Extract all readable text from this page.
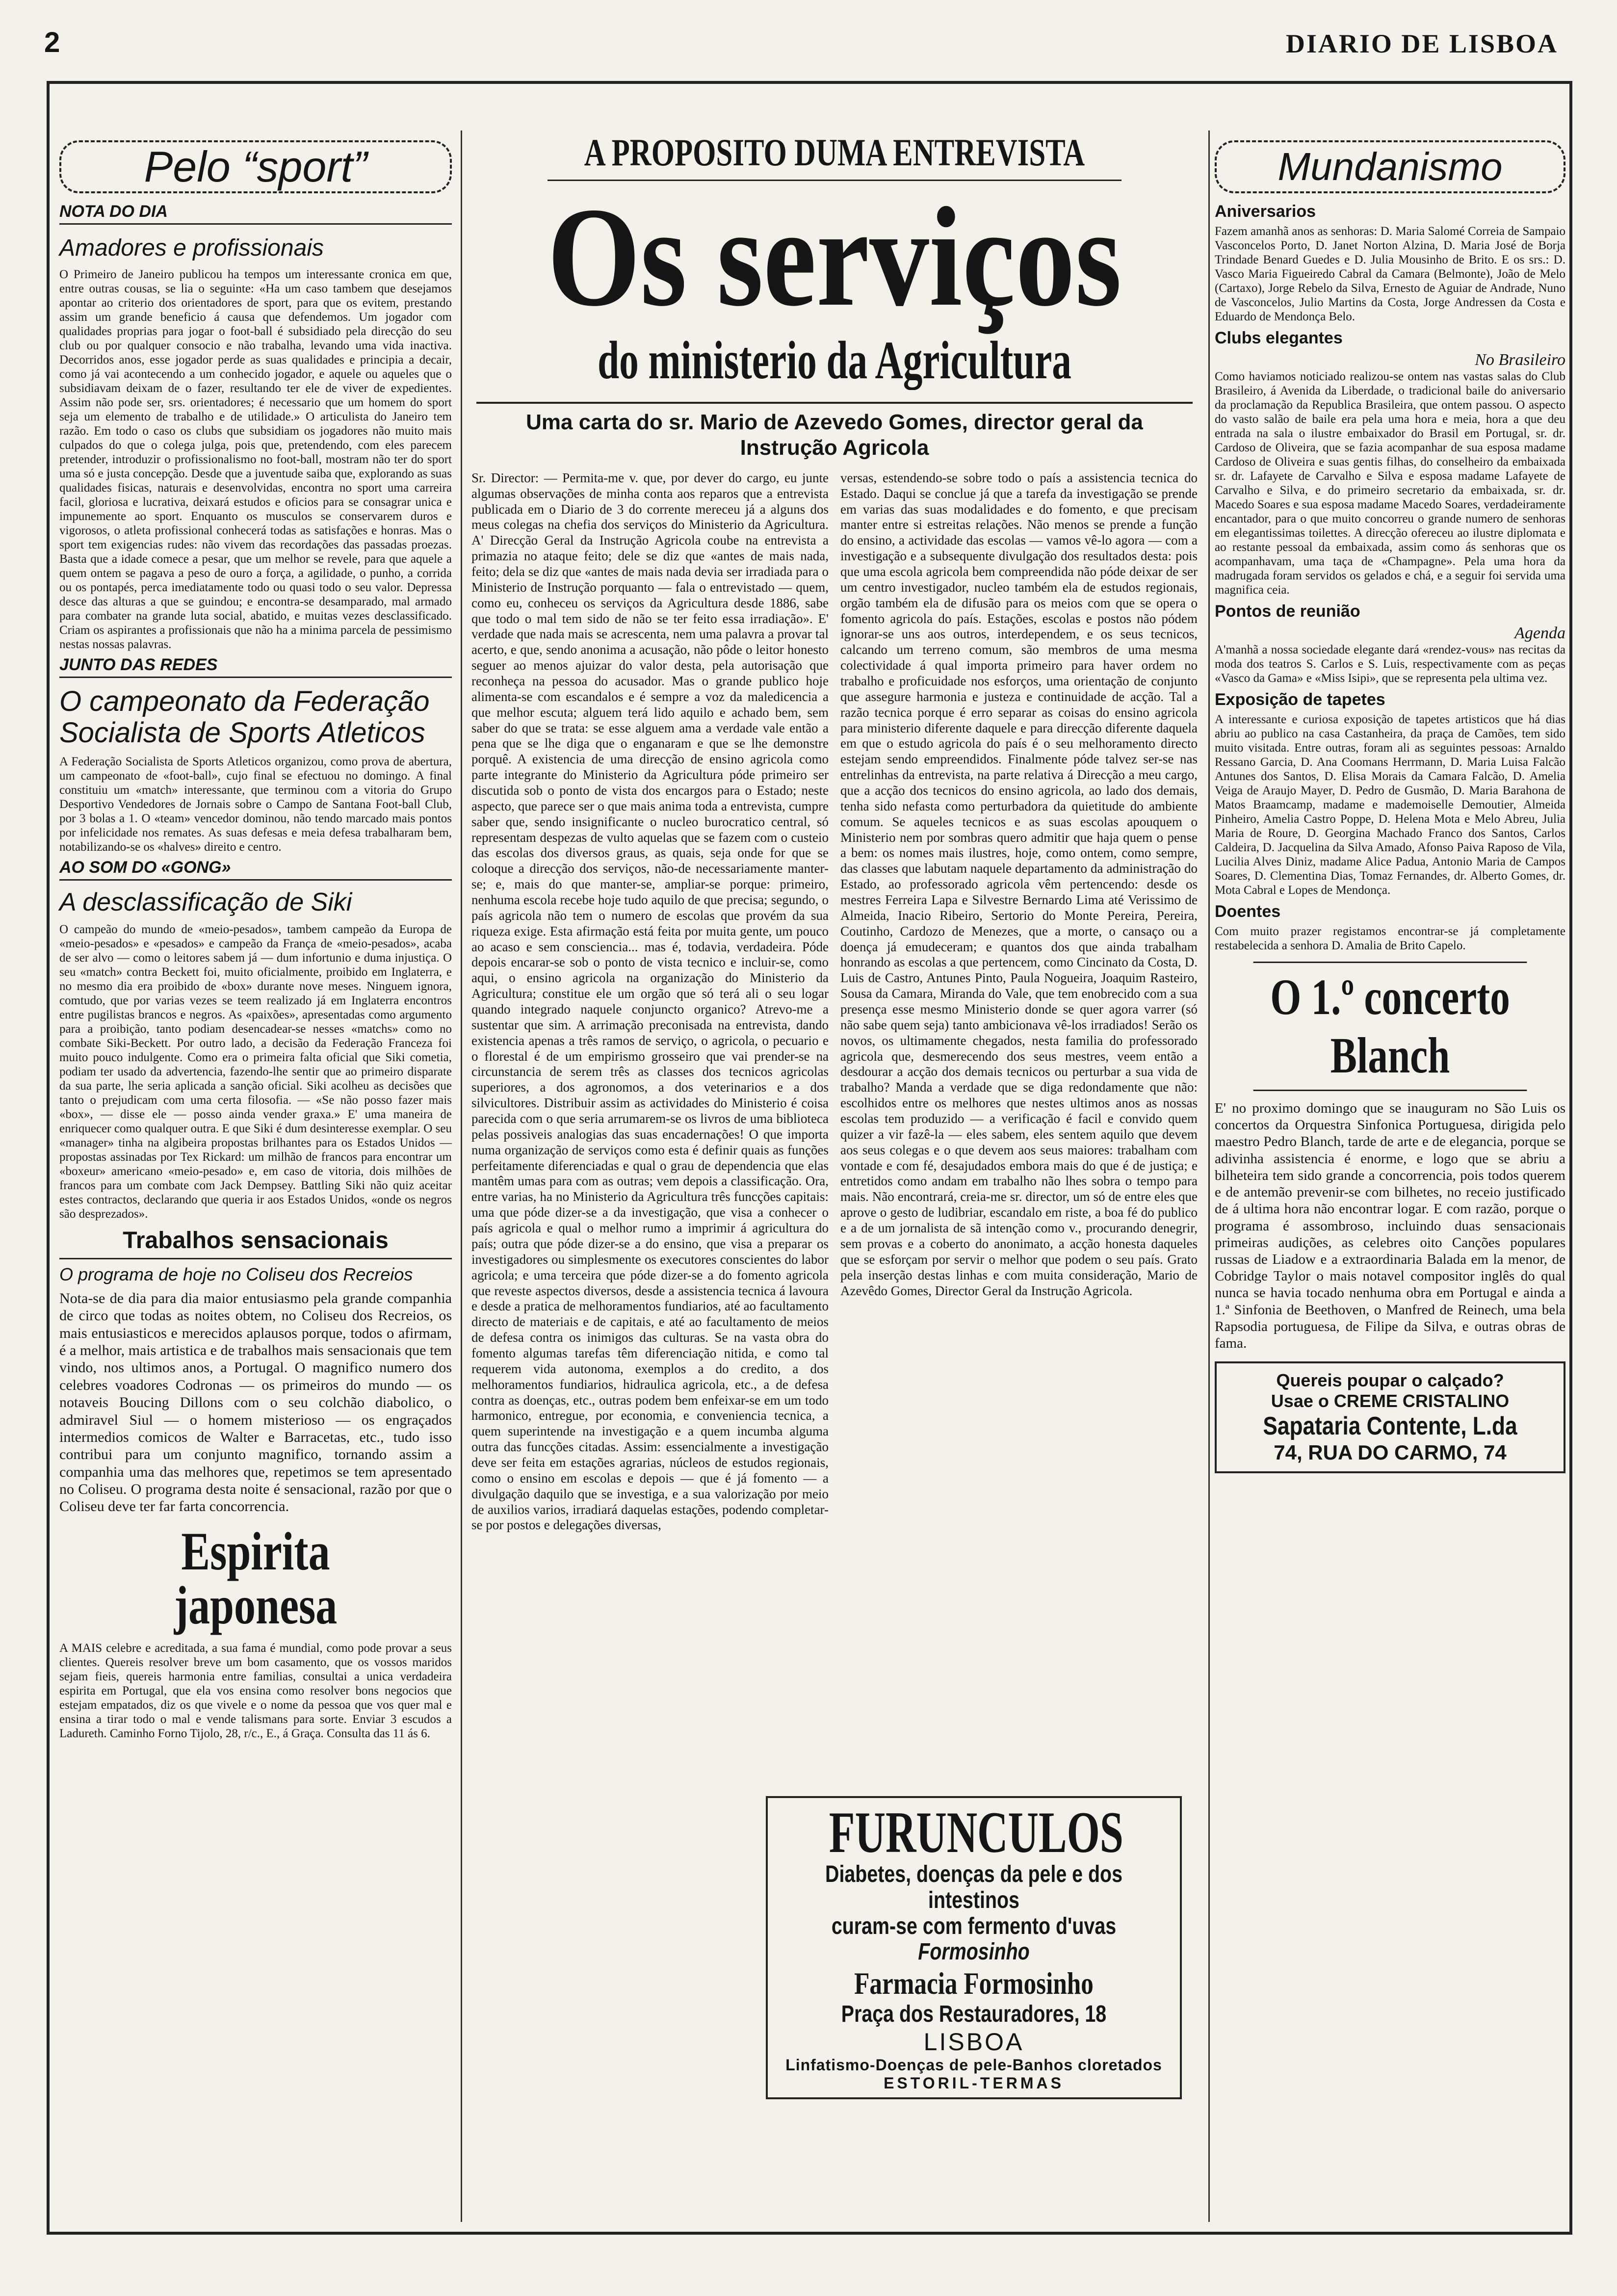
2	DIARIO DE LISBOA
Pelo “sport”
NOTA DO DIA
Amadores e profissionais

O Primeiro de Janeiro publicou ha tempos um interessante cronica em que, entre outras cousas, se lia o seguinte: «Ha um caso tambem que desejamos apontar ao criterio dos orientadores de sport, para que os evitem, prestando assim um grande beneficio á causa que defendemos. Um jogador com qualidades proprias para jogar o foot-ball é subsidiado pela direcção do seu club ou por qualquer consocio e não trabalha, levando uma vida inactiva. Decorridos anos, esse jogador perde as suas qualidades e principia a decair, como já vai acontecendo a um conhecido jogador, e aquele ou aqueles que o subsidiavam deixam de o fazer, resultando ter ele de viver de expedientes. Assim não pode ser, srs. orientadores; é necessario que um homem do sport seja um elemento de trabalho e de utilidade.» O articulista do Janeiro tem razão. Em todo o caso os clubs que subsidiam os jogadores não muito mais culpados do que o colega julga, pois que, pretendendo, com eles parecem pretender, introduzir o profissionalismo no foot-ball, mostram não ter do sport uma só e justa concepção. Desde que a juventude saiba que, explorando as suas qualidades fisicas, naturais e desenvolvidas, encontra no sport uma carreira facil, gloriosa e lucrativa, deixará estudos e oficios para se consagrar unica e impunemente ao sport. Enquanto os musculos se conservarem duros e vigorosos, o atleta profissional conhecerá todas as satisfações e honras. Mas o sport tem exigencias rudes: não vivem das recordações das passadas proezas. Basta que a idade comece a pesar, que um melhor se revele, para que aquele a quem ontem se pagava a peso de ouro a força, a agilidade, o punho, a corrida ou os pontapés, perca imediatamente todo ou quasi todo o seu valor. Depressa desce das alturas a que se guindou; e encontra-se desamparado, mal armado para combater na grande luta social, abatido, e muitas vezes desclassificado. Criam os aspirantes a profissionais que não ha a minima parcela de pessimismo nestas nossas palavras.

JUNTO DAS REDES
O campeonato da Federação Socialista de Sports Atleticos

A Federação Socialista de Sports Atleticos organizou, como prova de abertura, um campeonato de «foot-ball», cujo final se efectuou no domingo. A final constituiu um «match» interessante, que terminou com a vitoria do Grupo Desportivo Vendedores de Jornais sobre o Campo de Santana Foot-ball Club, por 3 bolas a 1. O «team» vencedor dominou, não tendo marcado mais pontos por infelicidade nos remates. As suas defesas e meia defesa trabalharam bem, notabilizando-se os «halves» direito e centro.

AO SOM DO «GONG»
A desclassificação de Siki

O campeão do mundo de «meio-pesados», tambem campeão da Europa de «meio-pesados» e «pesados» e campeão da França de «meio-pesados», acaba de ser alvo — como o leitores sabem já — dum infortunio e duma injustiça. O seu «match» contra Beckett foi, muito oficialmente, proibido em Inglaterra, e no mesmo dia era proibido de «box» durante nove meses. Ninguem ignora, comtudo, que por varias vezes se teem realizado já em Inglaterra encontros entre pugilistas brancos e negros. As «paixões», apresentadas como argumento para a proibição, tanto podiam desencadear-se nesses «matchs» como no combate Siki-Beckett. Por outro lado, a decisão da Federação Franceza foi muito pouco indulgente. Como era o primeira falta oficial que Siki cometia, podiam ter usado da advertencia, fazendo-lhe sentir que ao primeiro disparate da sua parte, lhe seria aplicada a sanção oficial. Siki acolheu as decisões que tanto o prejudicam com uma certa filosofia. — «Se não posso fazer mais «box», — disse ele — posso ainda vender graxa.» E' uma maneira de enriquecer como qualquer outra. E que Siki é dum desinteresse exemplar. O seu «manager» tinha na algibeira propostas brilhantes para os Estados Unidos — propostas assinadas por Tex Rickard: um milhão de francos para encontrar um «boxeur» americano «meio-pesado» e, em caso de vitoria, dois milhões de francos para um combate com Jack Dempsey. Battling Siki não quiz aceitar estes contractos, declarando que queria ir aos Estados Unidos, «onde os negros são desprezados».

Trabalhos sensacionais
O programa de hoje no Coliseu dos Recreios

Nota-se de dia para dia maior entusiasmo pela grande companhia de circo que todas as noites obtem, no Coliseu dos Recreios, os mais entusiasticos e merecidos aplausos porque, todos o afirmam, é a melhor, mais artistica e de trabalhos mais sensacionais que tem vindo, nos ultimos anos, a Portugal. O magnifico numero dos celebres voadores Codronas — os primeiros do mundo — os notaveis Boucing Dillons com o seu colchão diabolico, o admiravel Siul — o homem misterioso — os engraçados intermedios comicos de Walter e Barracetas, etc., tudo isso contribui para um conjunto magnifico, tornando assim a companhia uma das melhores que, repetimos se tem apresentado no Coliseu. O programa desta noite é sensacional, razão por que o Coliseu deve ter far farta concorrencia.

Espirita japonesa

A MAIS celebre e acreditada, a sua fama é mundial, como pode provar a seus clientes. Quereis resolver breve um bom casamento, que os vossos maridos sejam fieis, quereis harmonia entre familias, consultai a unica verdadeira espirita em Portugal, que ela vos ensina como resolver bons negocios que estejam empatados, diz os que vivele e o nome da pessoa que vos quer mal e ensina a tirar todo o mal e vende talismans para sorte. Enviar 3 escudos a Ladureth. Caminho Forno Tijolo, 28, r/c., E., á Graça. Consulta das 11 ás 6.

A PROPOSITO DUMA ENTREVISTA
Os serviços
do ministerio da Agricultura
Uma carta do sr. Mario de Azevedo Gomes, director geral da Instrução Agricola

Sr. Director: — Permita-me v. que, por dever do cargo, eu junte algumas observações de minha conta aos reparos que a entrevista publicada em o Diario de 3 do corrente mereceu já a alguns dos meus colegas na chefia dos serviços do Ministerio da Agricultura. A' Direcção Geral da Instrução Agricola coube na entrevista a primazia no ataque feito; dele se diz que «antes de mais nada, feito; dela se diz que «antes de mais nada devia ser irradiada para o Ministerio de Instrução porquanto — fala o entrevistado — quem, como eu, conheceu os serviços da Agricultura desde 1886, sabe que todo o mal tem sido de não se ter feito essa irradiação». E' verdade que nada mais se acrescenta, nem uma palavra a provar tal acerto, e que, sendo anonima a acusação, não pôde o leitor honesto seguer ao menos ajuizar do valor desta, pela autorisação que reconheça na pessoa do acusador. Mas o grande publico hoje alimenta-se com escandalos e é sempre a voz da maledicencia a que melhor escuta; alguem terá lido aquilo e achado bem, sem saber do que se trata: se esse alguem ama a verdade vale então a pena que se lhe diga que o enganaram e que se lhe demonstre porquê. A existencia de uma direcção de ensino agricola como parte integrante do Ministerio da Agricultura póde primeiro ser discutida sob o ponto de vista dos encargos para o Estado; neste aspecto, que parece ser o que mais anima toda a entrevista, cumpre saber que, sendo insignificante o nucleo burocratico central, só representam despezas de vulto aquelas que se fazem com o custeio das escolas dos diversos graus, as quais, seja onde for que se coloque a direcção dos serviços, não-de necessariamente manter-se; e, mais do que manter-se, ampliar-se porque: primeiro, nenhuma escola recebe hoje tudo aquilo de que precisa; segundo, o país agricola não tem o numero de escolas que provém da sua riqueza exige. Esta afirmação está feita por muita gente, um pouco ao acaso e sem consciencia... mas é, todavia, verdadeira. Póde depois encarar-se sob o ponto de vista tecnico e incluir-se, como aqui, o ensino agricola na organização do Ministerio da Agricultura; constitue ele um orgão que só terá ali o seu logar quando integrado naquele conjuncto organico? Atrevo-me a sustentar que sim. A arrimação preconisada na entrevista, dando existencia apenas a três ramos de serviço, o agricola, o pecuario e o florestal é de um empirismo grosseiro que vai prender-se na circunstancia de serem três as classes dos tecnicos agricolas superiores, a dos agronomos, a dos veterinarios e a dos silvicultores. Distribuir assim as actividades do Ministerio é coisa parecida com o que seria arrumarem-se os livros de uma biblioteca pelas possiveis analogias das suas encadernações! O que importa numa organização de serviços como esta é definir quais as funções perfeitamente diferenciadas e qual o grau de dependencia que elas mantêm umas para com as outras; vem depois a classificação. Ora, entre varias, ha no Ministerio da Agricultura três funcções capitais: uma que póde dizer-se a da investigação, que visa a conhecer o país agricola e qual o melhor rumo a imprimir á agricultura do país; outra que póde dizer-se a do ensino, que visa a preparar os investigadores ou simplesmente os executores conscientes do labor agricola; e uma terceira que póde dizer-se a do fomento agricola que reveste aspectos diversos, desde a assistencia tecnica á lavoura e desde a pratica de melhoramentos fundiarios, até ao facultamento directo de materiais e de capitais, e até ao facultamento de meios de defesa contra os inimigos das culturas. Se na vasta obra do fomento algumas tarefas têm diferenciação nitida, e como tal requerem vida autonoma, exemplos a do credito, a dos melhoramentos fundiarios, hidraulica agricola, etc., a de defesa contra as doenças, etc., outras podem bem enfeixar-se em um todo harmonico, entregue, por economia, e conveniencia tecnica, a quem superintende na investigação e a quem incumba alguma outra das funcções citadas. Assim: essencialmente a investigação deve ser feita em estações agrarias, núcleos de estudos regionais, como o ensino em escolas e depois — que é já fomento — a divulgação daquilo que se investiga, e a sua valorização por meio de auxilios varios, irradiará daquelas estações, podendo completar-se por postos e delegações diversas,

versas, estendendo-se sobre todo o país a assistencia tecnica do Estado. Daqui se conclue já que a tarefa da investigação se prende em varias das suas modalidades e do fomento, e que precisam manter entre si estreitas relações. Não menos se prende a função do ensino, a actividade das escolas — vamos vê-lo agora — com a investigação e a subsequente divulgação dos resultados desta: pois que uma escola agricola bem compreendida não póde deixar de ser um centro investigador, nucleo também ela de estudos regionais, orgão também ela de difusão para os meios com que se opera o fomento agricola do país. Estações, escolas e postos não pódem ignorar-se uns aos outros, interdependem, e os seus tecnicos, calcando um terreno comum, são membros de uma mesma colectividade á qual importa primeiro para haver ordem no trabalho e proficuidade nos esforços, uma orientação de conjunto que assegure harmonia e justeza e continuidade de acção. Tal a razão tecnica porque é erro separar as coisas do ensino agricola para ministerio diferente daquele e para direcção diferente daquela em que o estudo agricola do país é o seu melhoramento directo estejam sendo empreendidos. Finalmente póde talvez ser-se nas entrelinhas da entrevista, na parte relativa á Direcção a meu cargo, que a acção dos tecnicos do ensino agricola, ao lado dos demais, tenha sido nefasta como perturbadora da quietitude do ambiente comum. Se aqueles tecnicos e as suas escolas apouquem o Ministerio nem por sombras quero admitir que haja quem o pense a bem: os nomes mais ilustres, hoje, como ontem, como sempre, das classes que labutam naquele departamento da administração do Estado, ao professorado agricola vêm pertencendo: desde os mestres Ferreira Lapa e Silvestre Bernardo Lima até Verissimo de Almeida, Inacio Ribeiro, Sertorio do Monte Pereira, Pereira, Coutinho, Cardozo de Menezes, que a morte, o cansaço ou a doença já emudeceram; e quantos dos que ainda trabalham honrando as escolas a que pertencem, como Cincinato da Costa, D. Luis de Castro, Antunes Pinto, Paula Nogueira, Joaquim Rasteiro, Sousa da Camara, Miranda do Vale, que tem enobrecido com a sua presença esse mesmo Ministerio donde se quer agora varrer (só não sabe quem seja) tanto ambicionava vê-los irradiados! Serão os novos, os ultimamente chegados, nesta familia do professorado agricola que, desmerecendo dos seus mestres, veem então a desdourar a acção dos demais tecnicos ou perturbar a sua vida de trabalho? Manda a verdade que se diga redondamente que não: escolhidos entre os melhores que nestes ultimos anos as nossas escolas tem produzido — a verificação é facil e convido quem quizer a vir fazê-la — eles sabem, eles sentem aquilo que devem aos seus colegas e o que devem aos seus maiores: trabalham com vontade e com fé, desajudados embora mais do que é de justiça; e entretidos como andam em trabalho não lhes sobra o tempo para mais. Não encontrará, creia-me sr. director, um só de entre eles que aprove o gesto de ludibriar, escandalo em riste, a boa fé do publico e a de um jornalista de sã intenção como v., procurando denegrir, sem provas e a coberto do anonimato, a acção honesta daqueles que se esforçam por servir o melhor que podem o seu país. Grato pela inserção destas linhas e com muita consideração, Mario de Azevêdo Gomes, Director Geral da Instrução Agricola.

FURUNCULOS
Diabetes, doenças da pele e dos intestinos
curam-se com fermento d'uvas
Formosinho
Farmacia Formosinho
Praça dos Restauradores, 18
LISBOA
Linfatismo-Doenças de pele-Banhos cloretados
ESTORIL-TERMAS
Mundanismo
Aniversarios

Fazem amanhã anos as senhoras: D. Maria Salomé Correia de Sampaio Vasconcelos Porto, D. Janet Norton Alzina, D. Maria José de Borja Trindade Benard Guedes e D. Julia Mousinho de Brito. E os srs.: D. Vasco Maria Figueiredo Cabral da Camara (Belmonte), João de Melo (Cartaxo), Jorge Rebelo da Silva, Ernesto de Aguiar de Andrade, Nuno de Vasconcelos, Julio Martins da Costa, Jorge Andressen da Costa e Eduardo de Mendonça Belo.

Clubs elegantes
No Brasileiro

Como haviamos noticiado realizou-se ontem nas vastas salas do Club Brasileiro, á Avenida da Liberdade, o tradicional baile do aniversario da proclamação da Republica Brasileira, que ontem passou. O aspecto do vasto salão de baile era pela uma hora e meia, hora a que deu entrada na sala o ilustre embaixador do Brasil em Portugal, sr. dr. Cardoso de Oliveira, que se fazia acompanhar de sua esposa madame Cardoso de Oliveira e suas gentis filhas, do conselheiro da embaixada sr. dr. Lafayete de Carvalho e Silva e esposa madame Lafayete de Carvalho e Silva, e do primeiro secretario da embaixada, sr. dr. Macedo Soares e sua esposa madame Macedo Soares, verdadeiramente encantador, para o que muito concorreu o grande numero de senhoras em elegantissimas toilettes. A direcção ofereceu ao ilustre diplomata e ao restante pessoal da embaixada, assim como ás senhoras que os acompanhavam, uma taça de «Champagne». Pela uma hora da madrugada foram servidos os gelados e chá, e a seguir foi servida uma magnifica ceia.

Pontos de reunião
Agenda

A'manhã a nossa sociedade elegante dará «rendez-vous» nas recitas da moda dos teatros S. Carlos e S. Luis, respectivamente com as peças «Vasco da Gama» e «Miss Isipi», que se representa pela ultima vez.

Exposição de tapetes

A interessante e curiosa exposição de tapetes artisticos que há dias abriu ao publico na casa Castanheira, da praça de Camões, tem sido muito visitada. Entre outras, foram ali as seguintes pessoas: Arnaldo Ressano Garcia, D. Ana Coomans Herrmann, D. Maria Luisa Falcão Antunes dos Santos, D. Elisa Morais da Camara Falcão, D. Amelia Veiga de Araujo Mayer, D. Pedro de Gusmão, D. Maria Barahona de Matos Braamcamp, madame e mademoiselle Demoutier, Almeida Pinheiro, Amelia Castro Poppe, D. Helena Mota e Melo Abreu, Julia Maria de Roure, D. Georgina Machado Franco dos Santos, Carlos Caldeira, D. Jacquelina da Silva Amado, Afonso Paiva Raposo de Vila, Lucilia Alves Diniz, madame Alice Padua, Antonio Maria de Campos Soares, D. Clementina Dias, Tomaz Fernandes, dr. Alberto Gomes, dr. Mota Cabral e Lopes de Mendonça.

Doentes

Com muito prazer registamos encontrar-se já completamente restabelecida a senhora D. Amalia de Brito Capelo.

O 1.º concerto Blanch

E' no proximo domingo que se inauguram no São Luis os concertos da Orquestra Sinfonica Portuguesa, dirigida pelo maestro Pedro Blanch, tarde de arte e de elegancia, porque se adivinha assistencia é enorme, e logo que se abriu a bilheteira tem sido grande a concorrencia, pois todos querem e de antemão prevenir-se com bilhetes, no receio justificado de á ultima hora não encontrar logar. E com razão, porque o programa é assombroso, incluindo duas sensacionais primeiras audições, as celebres oito Canções populares russas de Liadow e a extraordinaria Balada em la menor, de Cobridge Taylor o mais notavel compositor inglês do qual nunca se havia tocado nenhuma obra em Portugal e ainda a 1.ª Sinfonia de Beethoven, o Manfred de Reinech, uma bela Rapsodia portuguesa, de Filipe da Silva, e outras obras de fama.

Quereis poupar o calçado?
Usae o CREME CRISTALINO
Sapataria Contente, L.da
74, RUA DO CARMO, 74
